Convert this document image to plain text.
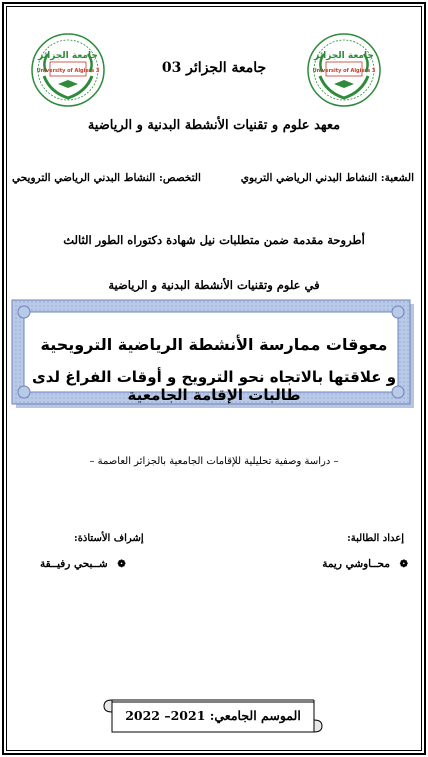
جامعة الجزائر
University of Algiers 3
جامعة الجزائر
University of Algiers 3
جامعة الجزائر 03
معهد علوم و تقنيات الأنشطة البدنية و الرياضية
الشعبة: النشاط البدني الرياضي التربوي
التخصص: النشاط البدني الرياضي الترويحي
أطروحة مقدمة ضمن متطلبات نيل شهادة دكتوراه الطور الثالث
في علوم وتقنيات الأنشطة البدنية و الرياضية
معوقات ممارسة الأنشطة الرياضية الترويحية
و علاقتها بالاتجاه نحو الترويح و أوقات الفراغ لدى طالبات الإقامة الجامعية
– دراسة وصفية تحليلية للإقامات الجامعية بالجزائر العاصمة –
إعداد الطالبة:
إشراف الأستاذة:
❁ محــاوشي ريمة
❁ شــبحي رفيــقة
الموسم الجامعي: 2021– 2022
